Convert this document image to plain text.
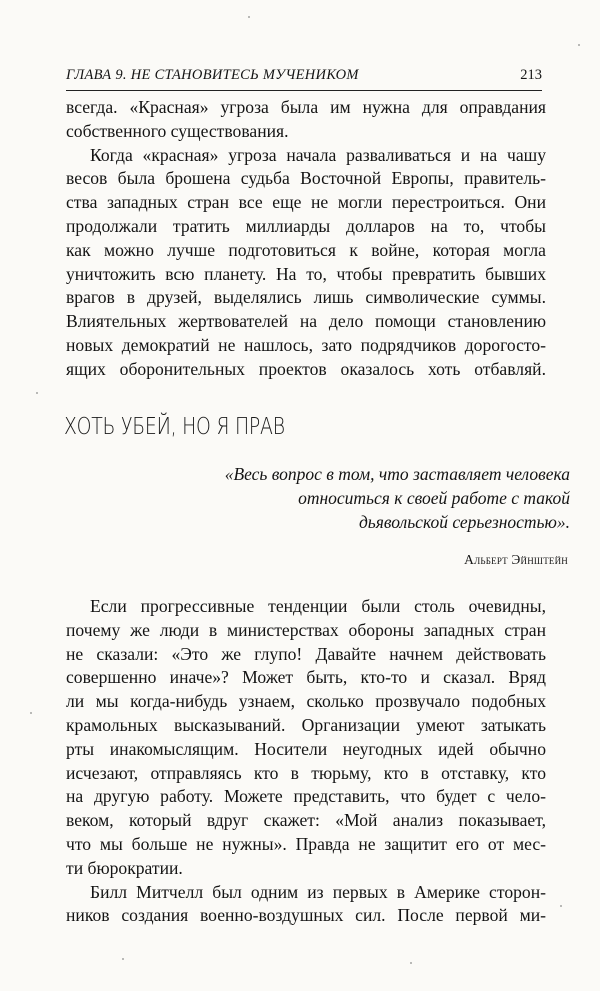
ГЛАВА 9. НЕ СТАНОВИТЕСЬ МУЧЕНИКОМ	213
всегда. «Красная» угроза была им нужна для оправдания
собственного существования.
Когда «красная» угроза начала разваливаться и на чашу
весов была брошена судьба Восточной Европы, правитель-
ства западных стран все еще не могли перестроиться. Они
продолжали тратить миллиарды долларов на то, чтобы
как можно лучше подготовиться к войне, которая могла
уничтожить всю планету. На то, чтобы превратить бывших
врагов в друзей, выделялись лишь символические суммы.
Влиятельных жертвователей на дело помощи становлению
новых демократий не нашлось, зато подрядчиков дорогосто-
ящих оборонительных проектов оказалось хоть отбавляй.
ХОТЬ УБЕЙ, НО Я ПРАВ
«Весь вопрос в том, что заставляет человека
относиться к своей работе с такой
дьявольской серьезностью».
Альберт Эйнштейн
Если прогрессивные тенденции были столь очевидны,
почему же люди в министерствах обороны западных стран
не сказали: «Это же глупо! Давайте начнем действовать
совершенно иначе»? Может быть, кто-то и сказал. Вряд
ли мы когда-нибудь узнаем, сколько прозвучало подобных
крамольных высказываний. Организации умеют затыкать
рты инакомыслящим. Носители неугодных идей обычно
исчезают, отправляясь кто в тюрьму, кто в отставку, кто
на другую работу. Можете представить, что будет с чело-
веком, который вдруг скажет: «Мой анализ показывает,
что мы больше не нужны». Правда не защитит его от мес-
ти бюрократии.
Билл Митчелл был одним из первых в Америке сторон-
ников создания военно-воздушных сил. После первой ми-
